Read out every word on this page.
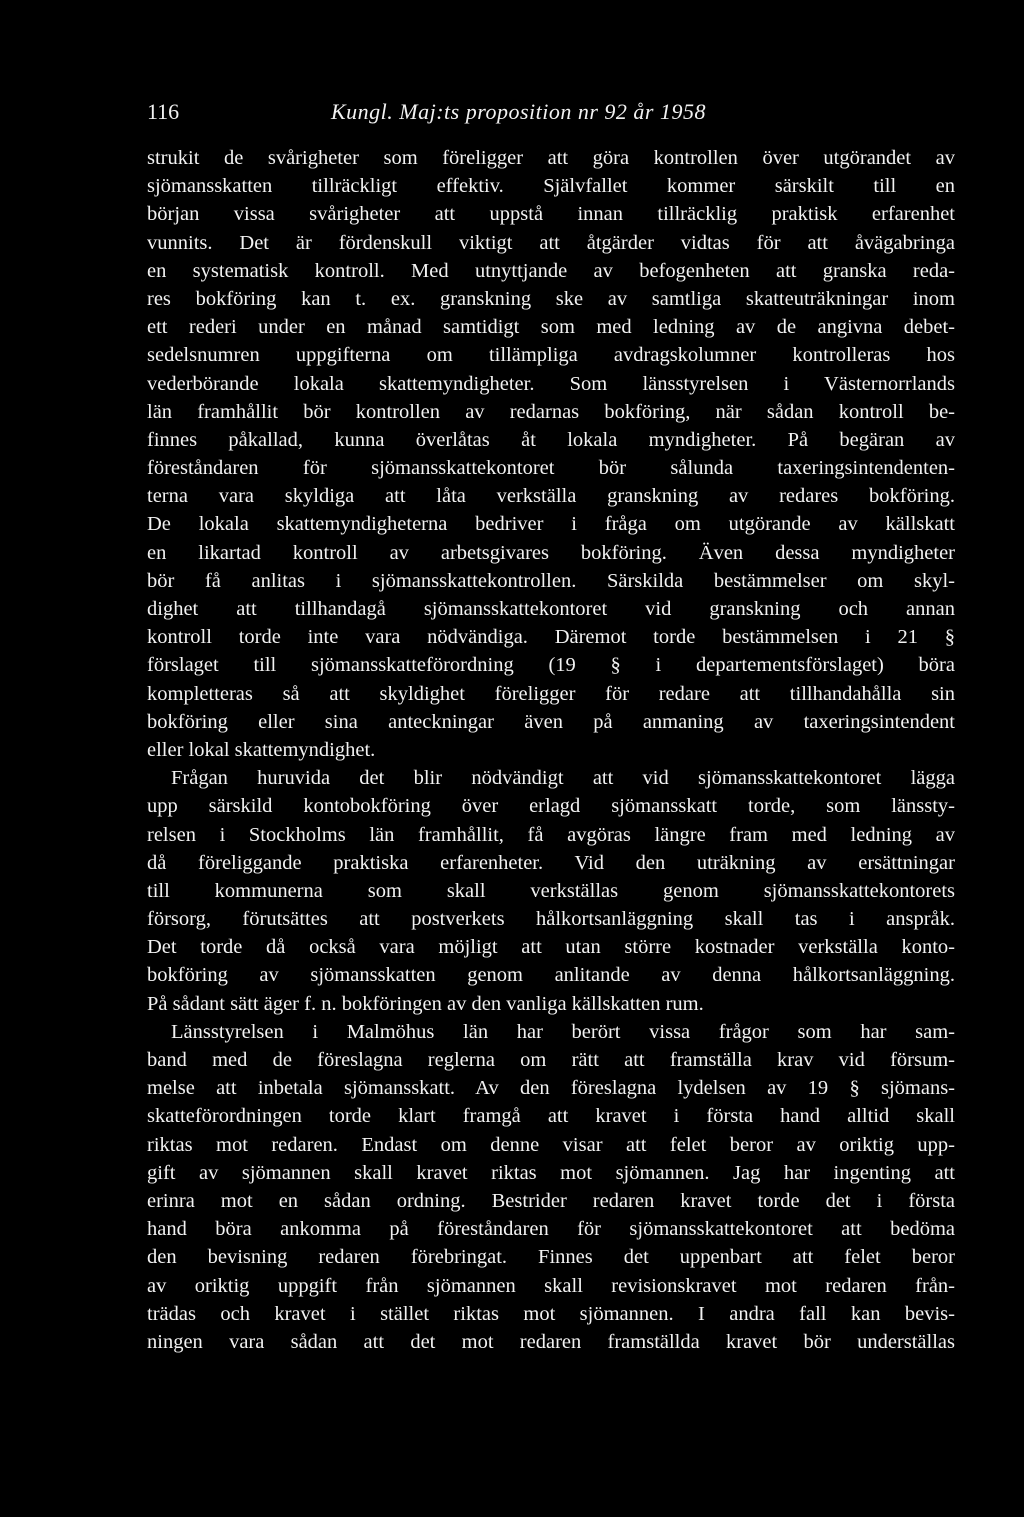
116	Kungl. Maj:ts proposition nr 92 år 1958
strukit de svårigheter som föreligger att göra kontrollen över utgörandet av
sjömansskatten tillräckligt effektiv. Självfallet kommer särskilt till en
början vissa svårigheter att uppstå innan tillräcklig praktisk erfarenhet
vunnits. Det är fördenskull viktigt att åtgärder vidtas för att åvägabringa
en systematisk kontroll. Med utnyttjande av befogenheten att granska reda-
res bokföring kan t. ex. granskning ske av samtliga skatteuträkningar inom
ett rederi under en månad samtidigt som med ledning av de angivna debet-
sedelsnumren uppgifterna om tillämpliga avdragskolumner kontrolleras hos
vederbörande lokala skattemyndigheter. Som länsstyrelsen i Västernorrlands
län framhållit bör kontrollen av redarnas bokföring, när sådan kontroll be-
finnes påkallad, kunna överlåtas åt lokala myndigheter. På begäran av
föreståndaren för sjömansskattekontoret bör sålunda taxeringsintendenten-
terna vara skyldiga att låta verkställa granskning av redares bokföring.
De lokala skattemyndigheterna bedriver i fråga om utgörande av källskatt
en likartad kontroll av arbetsgivares bokföring. Även dessa myndigheter
bör få anlitas i sjömansskattekontrollen. Särskilda bestämmelser om skyl-
dighet att tillhandagå sjömansskattekontoret vid granskning och annan
kontroll torde inte vara nödvändiga. Däremot torde bestämmelsen i 21 §
förslaget till sjömansskatteförordning (19 § i departementsförslaget) böra
kompletteras så att skyldighet föreligger för redare att tillhandahålla sin
bokföring eller sina anteckningar även på anmaning av taxeringsintendent
eller lokal skattemyndighet.
Frågan huruvida det blir nödvändigt att vid sjömansskattekontoret lägga
upp särskild kontobokföring över erlagd sjömansskatt torde, som länssty-
relsen i Stockholms län framhållit, få avgöras längre fram med ledning av
då föreliggande praktiska erfarenheter. Vid den uträkning av ersättningar
till kommunerna som skall verkställas genom sjömansskattekontorets
försorg, förutsättes att postverkets hålkortsanläggning skall tas i anspråk.
Det torde då också vara möjligt att utan större kostnader verkställa konto-
bokföring av sjömansskatten genom anlitande av denna hålkortsanläggning.
På sådant sätt äger f. n. bokföringen av den vanliga källskatten rum.
Länsstyrelsen i Malmöhus län har berört vissa frågor som har sam-
band med de föreslagna reglerna om rätt att framställa krav vid försum-
melse att inbetala sjömansskatt. Av den föreslagna lydelsen av 19 § sjömans-
skatteförordningen torde klart framgå att kravet i första hand alltid skall
riktas mot redaren. Endast om denne visar att felet beror av oriktig upp-
gift av sjömannen skall kravet riktas mot sjömannen. Jag har ingenting att
erinra mot en sådan ordning. Bestrider redaren kravet torde det i första
hand böra ankomma på föreståndaren för sjömansskattekontoret att bedöma
den bevisning redaren förebringat. Finnes det uppenbart att felet beror
av oriktig uppgift från sjömannen skall revisionskravet mot redaren från-
trädas och kravet i stället riktas mot sjömannen. I andra fall kan bevis-
ningen vara sådan att det mot redaren framställda kravet bör underställas
